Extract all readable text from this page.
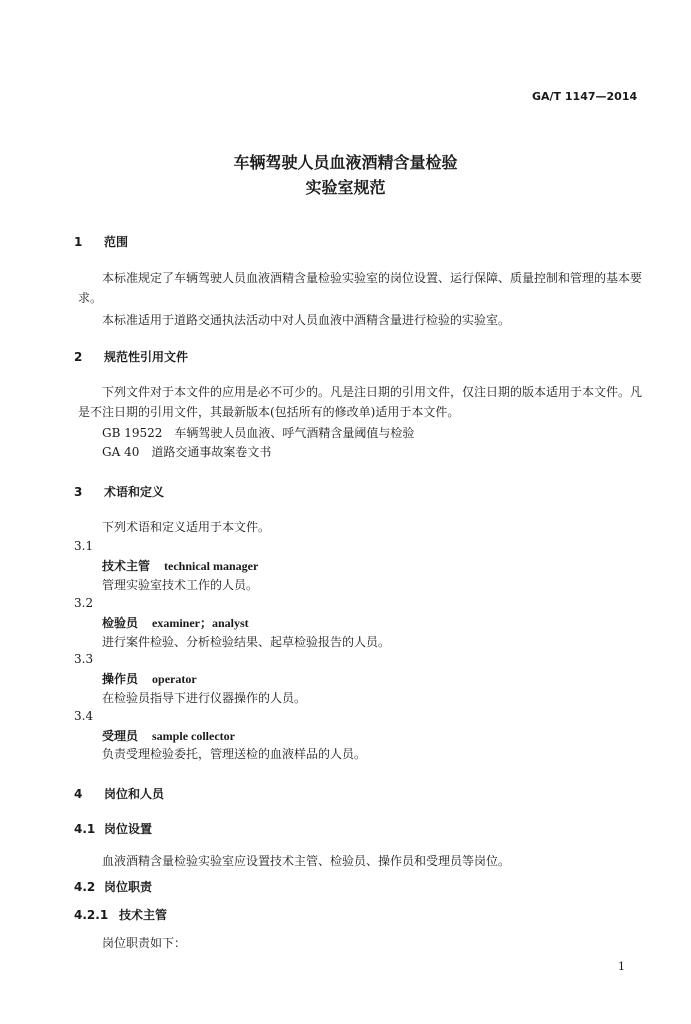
GA/T 1147—2014
车辆驾驶人员血液酒精含量检验
实验室规范
1 范围
本标准规定了车辆驾驶人员血液酒精含量检验实验室的岗位设置、运行保障、质量控制和管理的基本要求。
本标准适用于道路交通执法活动中对人员血液中酒精含量进行检验的实验室。
2 规范性引用文件
下列文件对于本文件的应用是必不可少的。凡是注日期的引用文件，仅注日期的版本适用于本文件。凡是不注日期的引用文件，其最新版本(包括所有的修改单)适用于本文件。
GB 19522 车辆驾驶人员血液、呼气酒精含量阈值与检验
GA 40 道路交通事故案卷文书
3 术语和定义
下列术语和定义适用于本文件。
3.1
技术主管 technical manager
管理实验室技术工作的人员。
3.2
检验员 examiner；analyst
进行案件检验、分析检验结果、起草检验报告的人员。
3.3
操作员 operator
在检验员指导下进行仪器操作的人员。
3.4
受理员 sample collector
负责受理检验委托，管理送检的血液样品的人员。
4 岗位和人员
4.1 岗位设置
血液酒精含量检验实验室应设置技术主管、检验员、操作员和受理员等岗位。
4.2 岗位职责
4.2.1 技术主管
岗位职责如下：
1
